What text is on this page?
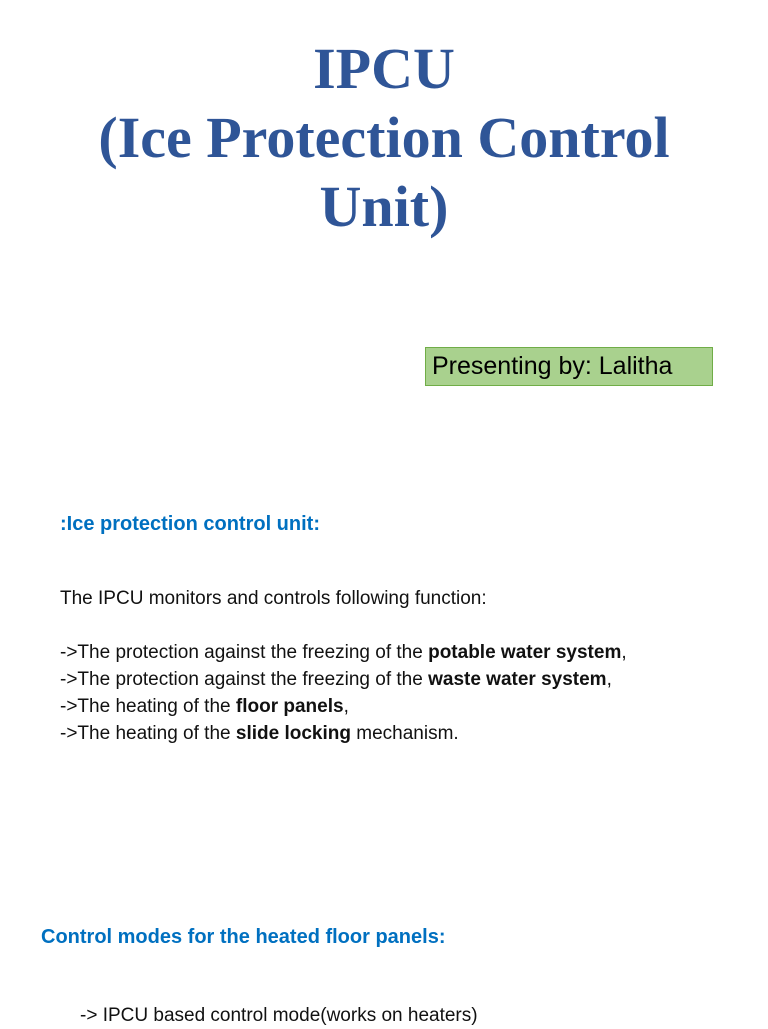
IPCU
(Ice Protection Control
Unit)
Presenting by: Lalitha
:Ice protection control unit:
The IPCU monitors and controls following function:
->The protection against the freezing of the potable water system,
->The protection against the freezing of the waste water system,
->The heating of the floor panels,
->The heating of the slide locking mechanism.
Control modes for the heated floor panels:
-> IPCU based control mode(works on heaters)
